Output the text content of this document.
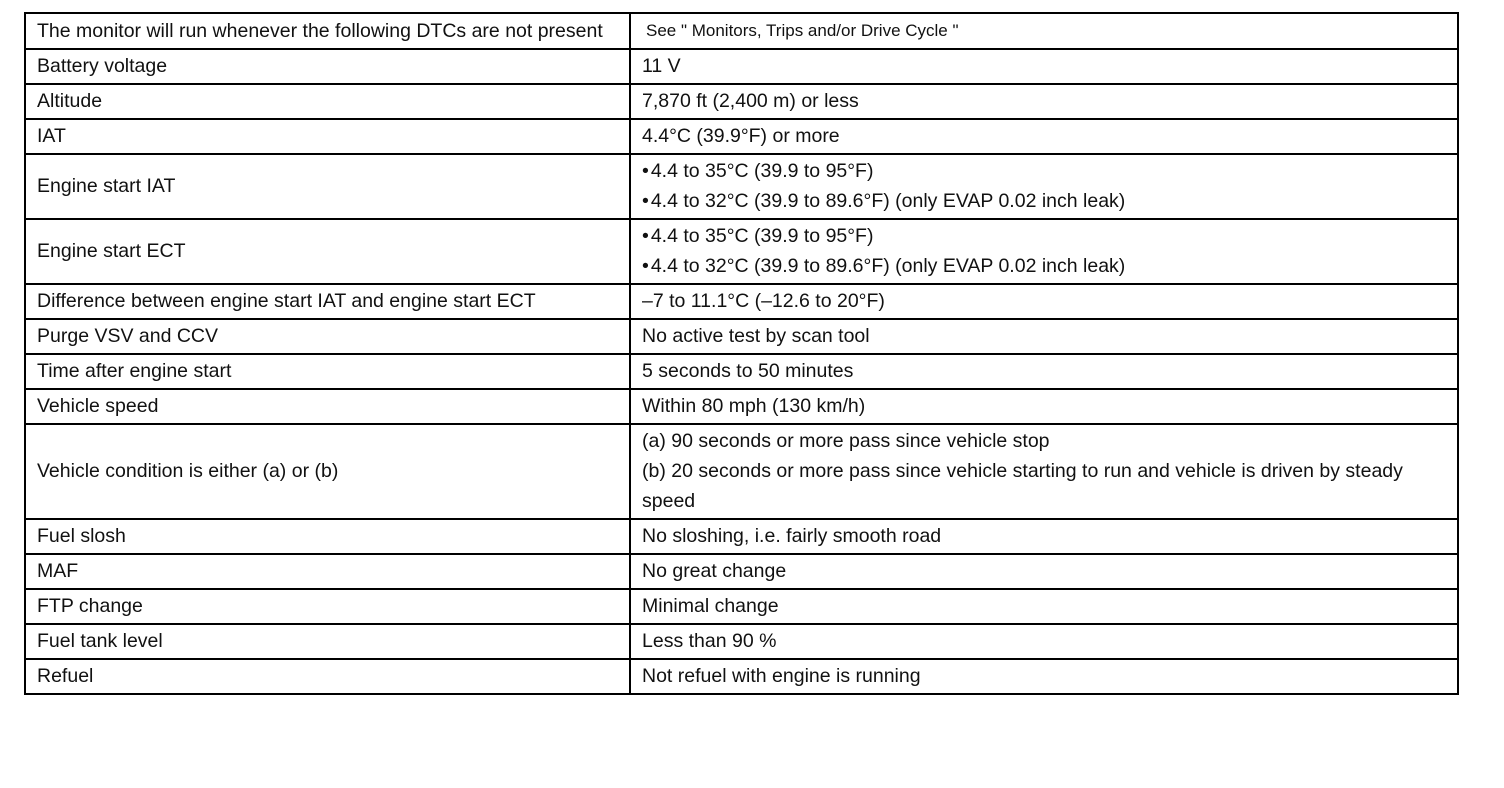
The monitor will run whenever the following DTCs are not present	See " Monitors, Trips and/or Drive Cycle "
Battery voltage	11 V
Altitude	7,870 ft (2,400 m) or less
IAT	4.4°C (39.9°F) or more
Engine start IAT	• 4.4 to 35°C (39.9 to 95°F)
• 4.4 to 32°C (39.9 to 89.6°F) (only EVAP 0.02 inch leak)

Engine start ECT	• 4.4 to 35°C (39.9 to 95°F)
• 4.4 to 32°C (39.9 to 89.6°F) (only EVAP 0.02 inch leak)

Difference between engine start IAT and engine start ECT	–7 to 11.1°C (–12.6 to 20°F)
Purge VSV and CCV	No active test by scan tool
Time after engine start	5 seconds to 50 minutes
Vehicle speed	Within 80 mph (130 km/h)
Vehicle condition is either (a) or (b)	(a) 90 seconds or more pass since vehicle stop
(b) 20 seconds or more pass since vehicle starting to run and vehicle is driven by steady speed

Fuel slosh	No sloshing, i.e. fairly smooth road
MAF	No great change
FTP change	Minimal change
Fuel tank level	Less than 90 %
Refuel	Not refuel with engine is running
